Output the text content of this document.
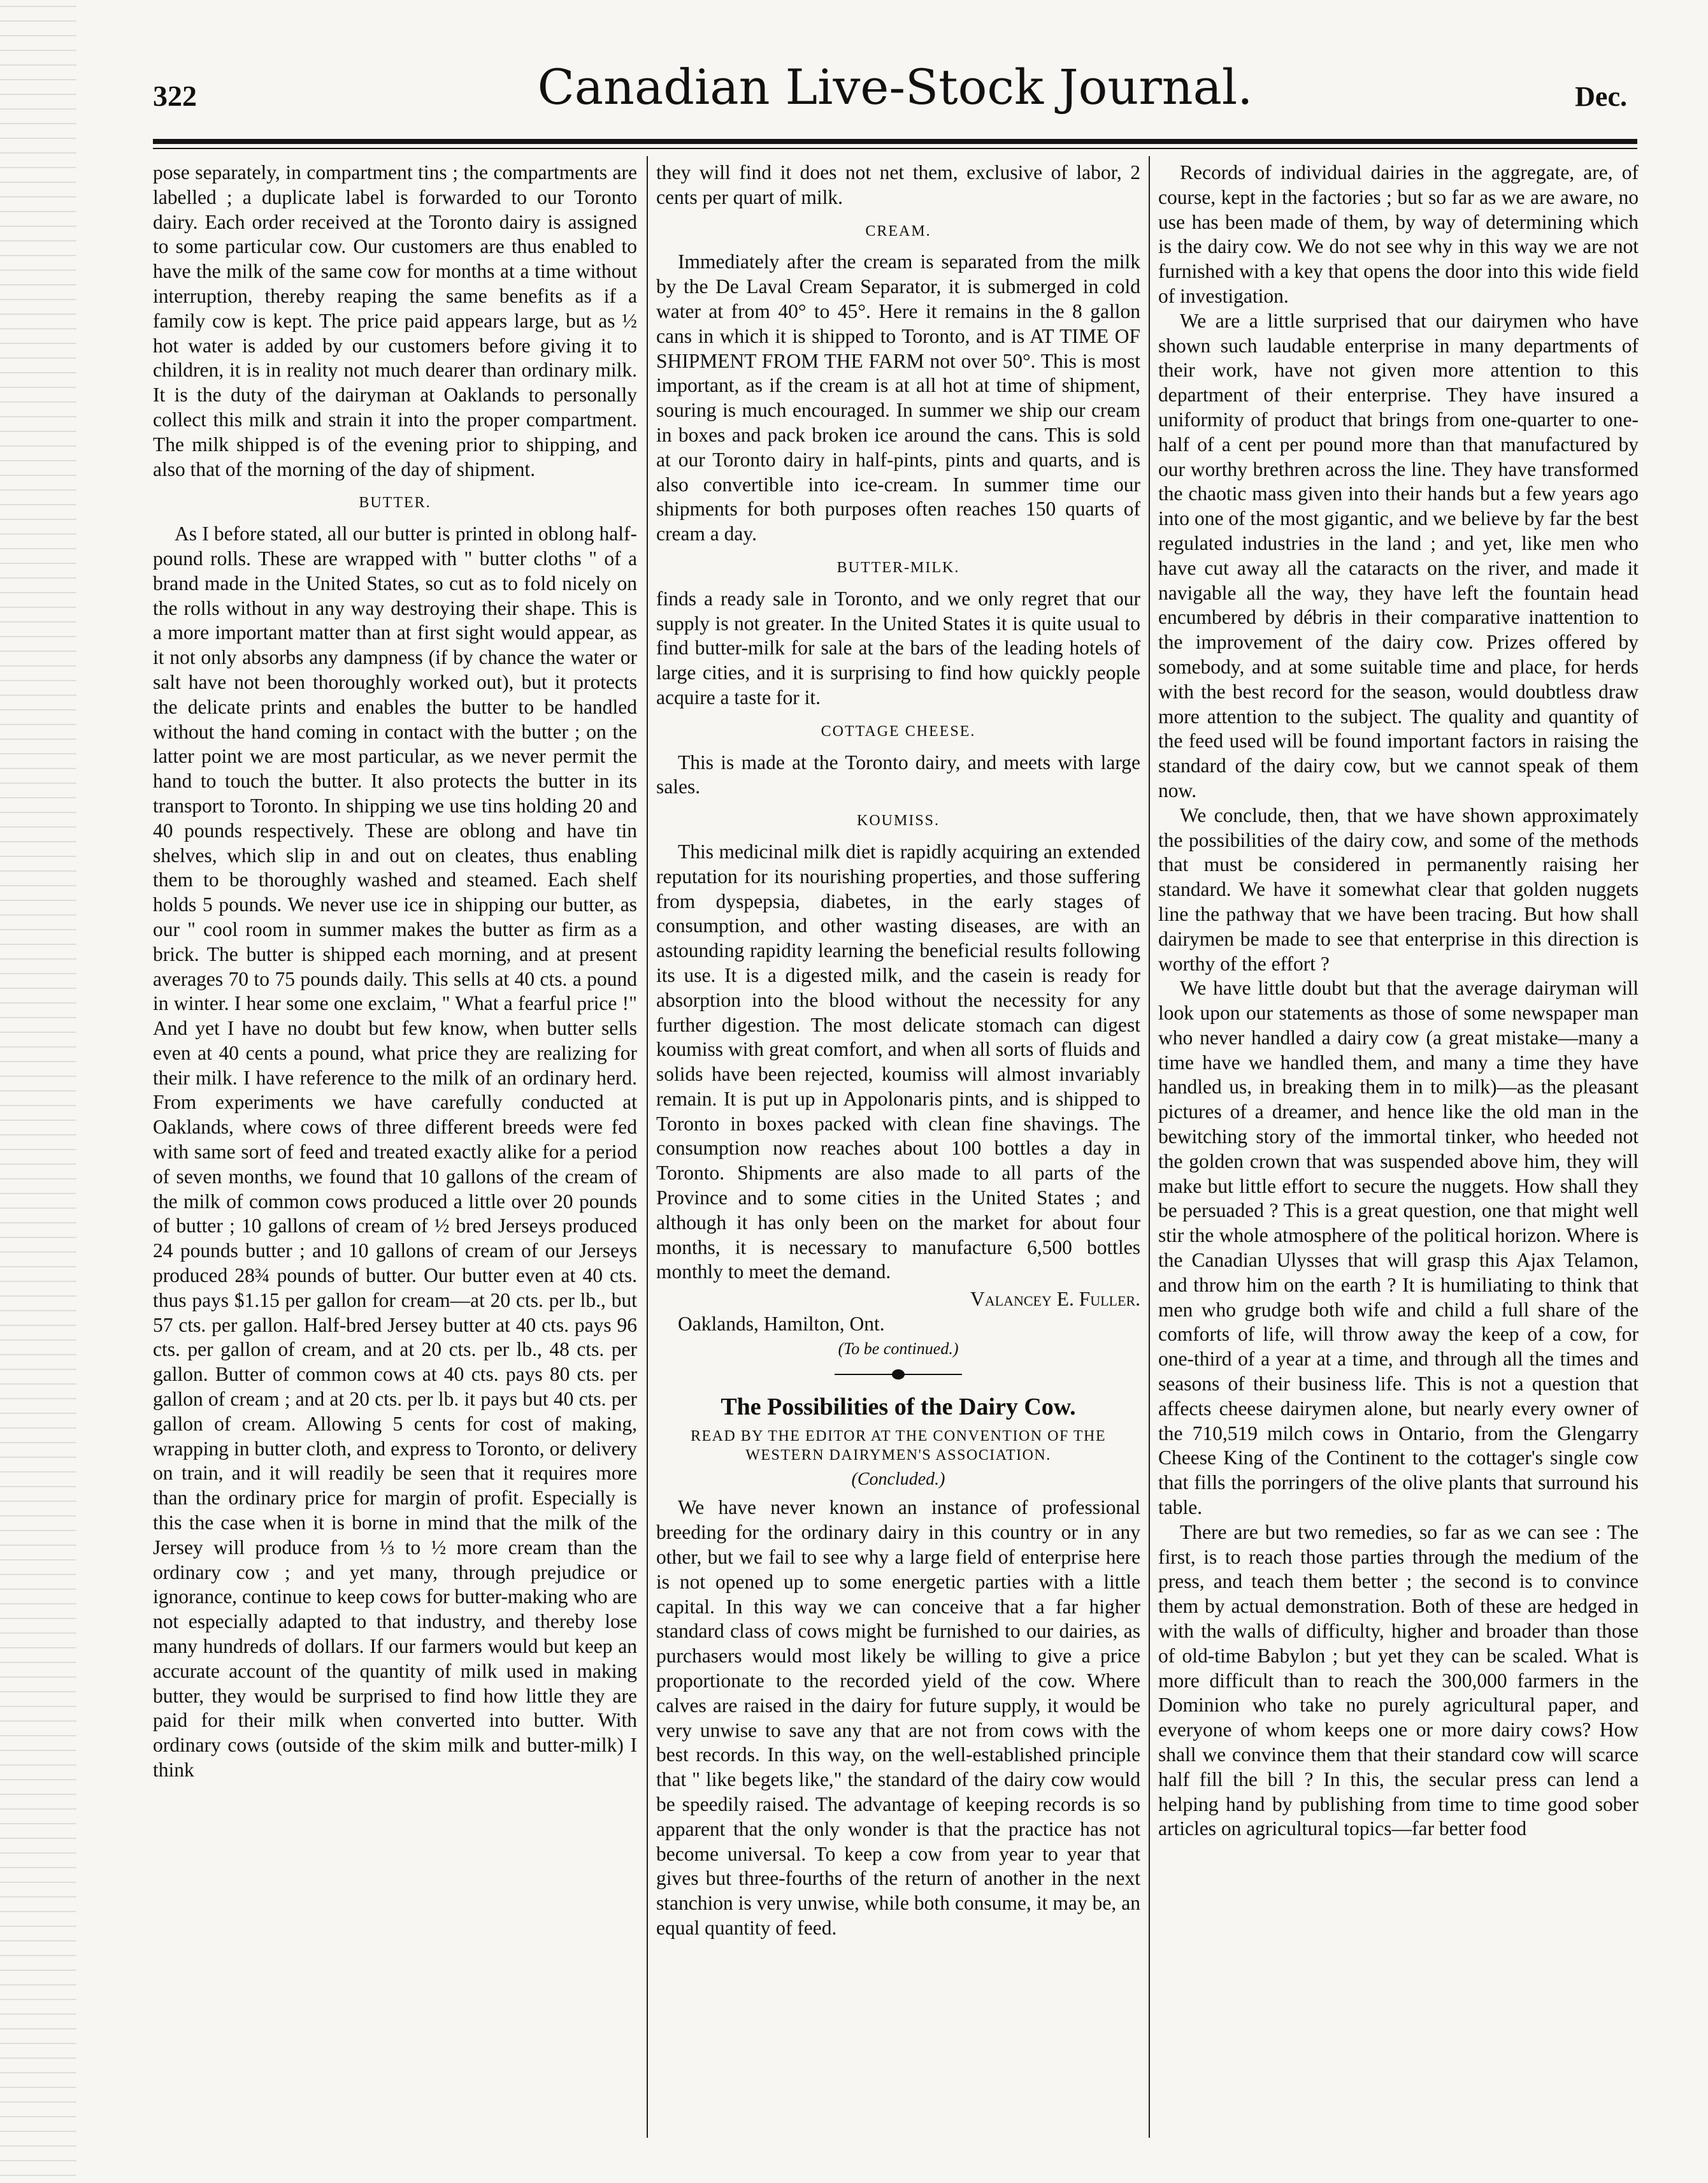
322	Canadian Live-Stock Journal.	Dec.

pose separately, in compartment tins ; the compartments are labelled ; a duplicate label is forwarded to our Toronto dairy. Each order received at the Toronto dairy is assigned to some particular cow. Our customers are thus enabled to have the milk of the same cow for months at a time without interruption, thereby reaping the same benefits as if a family cow is kept. The price paid appears large, but as ½ hot water is added by our customers before giving it to children, it is in reality not much dearer than ordinary milk. It is the duty of the dairyman at Oaklands to personally collect this milk and strain it into the proper compartment. The milk shipped is of the evening prior to shipping, and also that of the morning of the day of shipment.

BUTTER.

As I before stated, all our butter is printed in oblong half-pound rolls. These are wrapped with " butter cloths " of a brand made in the United States, so cut as to fold nicely on the rolls without in any way destroying their shape. This is a more important matter than at first sight would appear, as it not only absorbs any dampness (if by chance the water or salt have not been thoroughly worked out), but it protects the delicate prints and enables the butter to be handled without the hand coming in contact with the butter ; on the latter point we are most particular, as we never permit the hand to touch the butter. It also protects the butter in its transport to Toronto. In shipping we use tins holding 20 and 40 pounds respectively. These are oblong and have tin shelves, which slip in and out on cleates, thus enabling them to be thoroughly washed and steamed. Each shelf holds 5 pounds. We never use ice in shipping our butter, as our " cool room in summer makes the butter as firm as a brick. The butter is shipped each morning, and at present averages 70 to 75 pounds daily. This sells at 40 cts. a pound in winter. I hear some one exclaim, " What a fearful price !" And yet I have no doubt but few know, when butter sells even at 40 cents a pound, what price they are realizing for their milk. I have reference to the milk of an ordinary herd. From experiments we have carefully conducted at Oaklands, where cows of three different breeds were fed with same sort of feed and treated exactly alike for a period of seven months, we found that 10 gallons of the cream of the milk of common cows produced a little over 20 pounds of butter ; 10 gallons of cream of ½ bred Jerseys produced 24 pounds butter ; and 10 gallons of cream of our Jerseys produced 28¾ pounds of butter. Our butter even at 40 cts. thus pays $1.15 per gallon for cream—at 20 cts. per lb., but 57 cts. per gallon. Half-bred Jersey butter at 40 cts. pays 96 cts. per gallon of cream, and at 20 cts. per lb., 48 cts. per gallon. Butter of common cows at 40 cts. pays 80 cts. per gallon of cream ; and at 20 cts. per lb. it pays but 40 cts. per gallon of cream. Allowing 5 cents for cost of making, wrapping in butter cloth, and express to Toronto, or delivery on train, and it will readily be seen that it requires more than the ordinary price for margin of profit. Especially is this the case when it is borne in mind that the milk of the Jersey will produce from ⅓ to ½ more cream than the ordinary cow ; and yet many, through prejudice or ignorance, continue to keep cows for butter-making who are not especially adapted to that industry, and thereby lose many hundreds of dollars. If our farmers would but keep an accurate account of the quantity of milk used in making butter, they would be surprised to find how little they are paid for their milk when converted into butter. With ordinary cows (outside of the skim milk and butter-milk) I think

they will find it does not net them, exclusive of labor, 2 cents per quart of milk.

CREAM.

Immediately after the cream is separated from the milk by the De Laval Cream Separator, it is submerged in cold water at from 40° to 45°. Here it remains in the 8 gallon cans in which it is shipped to Toronto, and is AT TIME OF SHIPMENT FROM THE FARM not over 50°. This is most important, as if the cream is at all hot at time of shipment, souring is much encouraged. In summer we ship our cream in boxes and pack broken ice around the cans. This is sold at our Toronto dairy in half-pints, pints and quarts, and is also convertible into ice-cream. In summer time our shipments for both purposes often reaches 150 quarts of cream a day.

BUTTER-MILK.

finds a ready sale in Toronto, and we only regret that our supply is not greater. In the United States it is quite usual to find butter-milk for sale at the bars of the leading hotels of large cities, and it is surprising to find how quickly people acquire a taste for it.

COTTAGE CHEESE.

This is made at the Toronto dairy, and meets with large sales.

KOUMISS.

This medicinal milk diet is rapidly acquiring an extended reputation for its nourishing properties, and those suffering from dyspepsia, diabetes, in the early stages of consumption, and other wasting diseases, are with an astounding rapidity learning the beneficial results following its use. It is a digested milk, and the casein is ready for absorption into the blood without the necessity for any further digestion. The most delicate stomach can digest koumiss with great comfort, and when all sorts of fluids and solids have been rejected, koumiss will almost invariably remain. It is put up in Appolonaris pints, and is shipped to Toronto in boxes packed with clean fine shavings. The consumption now reaches about 100 bottles a day in Toronto. Shipments are also made to all parts of the Province and to some cities in the United States ; and although it has only been on the market for about four months, it is necessary to manufacture 6,500 bottles monthly to meet the demand.

Valancey E. Fuller.

Oaklands, Hamilton, Ont.

(To be continued.)
The Possibilities of the Dairy Cow.
READ BY THE EDITOR AT THE CONVENTION OF THE WESTERN DAIRYMEN'S ASSOCIATION.
(Concluded.)

We have never known an instance of professional breeding for the ordinary dairy in this country or in any other, but we fail to see why a large field of enterprise here is not opened up to some energetic parties with a little capital. In this way we can conceive that a far higher standard class of cows might be furnished to our dairies, as purchasers would most likely be willing to give a price proportionate to the recorded yield of the cow. Where calves are raised in the dairy for future supply, it would be very unwise to save any that are not from cows with the best records. In this way, on the well-established principle that " like begets like," the standard of the dairy cow would be speedily raised. The advantage of keeping records is so apparent that the only wonder is that the practice has not become universal. To keep a cow from year to year that gives but three-fourths of the return of another in the next stanchion is very unwise, while both consume, it may be, an equal quantity of feed.

Records of individual dairies in the aggregate, are, of course, kept in the factories ; but so far as we are aware, no use has been made of them, by way of determining which is the dairy cow. We do not see why in this way we are not furnished with a key that opens the door into this wide field of investigation.

We are a little surprised that our dairymen who have shown such laudable enterprise in many departments of their work, have not given more attention to this department of their enterprise. They have insured a uniformity of product that brings from one-quarter to one-half of a cent per pound more than that manufactured by our worthy brethren across the line. They have transformed the chaotic mass given into their hands but a few years ago into one of the most gigantic, and we believe by far the best regulated industries in the land ; and yet, like men who have cut away all the cataracts on the river, and made it navigable all the way, they have left the fountain head encumbered by débris in their comparative inattention to the improvement of the dairy cow. Prizes offered by somebody, and at some suitable time and place, for herds with the best record for the season, would doubtless draw more attention to the subject. The quality and quantity of the feed used will be found important factors in raising the standard of the dairy cow, but we cannot speak of them now.

We conclude, then, that we have shown approximately the possibilities of the dairy cow, and some of the methods that must be considered in permanently raising her standard. We have it somewhat clear that golden nuggets line the pathway that we have been tracing. But how shall dairymen be made to see that enterprise in this direction is worthy of the effort ?

We have little doubt but that the average dairyman will look upon our statements as those of some newspaper man who never handled a dairy cow (a great mistake—many a time have we handled them, and many a time they have handled us, in breaking them in to milk)—as the pleasant pictures of a dreamer, and hence like the old man in the bewitching story of the immortal tinker, who heeded not the golden crown that was suspended above him, they will make but little effort to secure the nuggets. How shall they be persuaded ? This is a great question, one that might well stir the whole atmosphere of the political horizon. Where is the Canadian Ulysses that will grasp this Ajax Telamon, and throw him on the earth ? It is humiliating to think that men who grudge both wife and child a full share of the comforts of life, will throw away the keep of a cow, for one-third of a year at a time, and through all the times and seasons of their business life. This is not a question that affects cheese dairymen alone, but nearly every owner of the 710,519 milch cows in Ontario, from the Glengarry Cheese King of the Continent to the cottager's single cow that fills the porringers of the olive plants that surround his table.

There are but two remedies, so far as we can see : The first, is to reach those parties through the medium of the press, and teach them better ; the second is to convince them by actual demonstration. Both of these are hedged in with the walls of difficulty, higher and broader than those of old-time Babylon ; but yet they can be scaled. What is more difficult than to reach the 300,000 farmers in the Dominion who take no purely agricultural paper, and everyone of whom keeps one or more dairy cows? How shall we convince them that their standard cow will scarce half fill the bill ? In this, the secular press can lend a helping hand by publishing from time to time good sober articles on agricultural topics—far better food
